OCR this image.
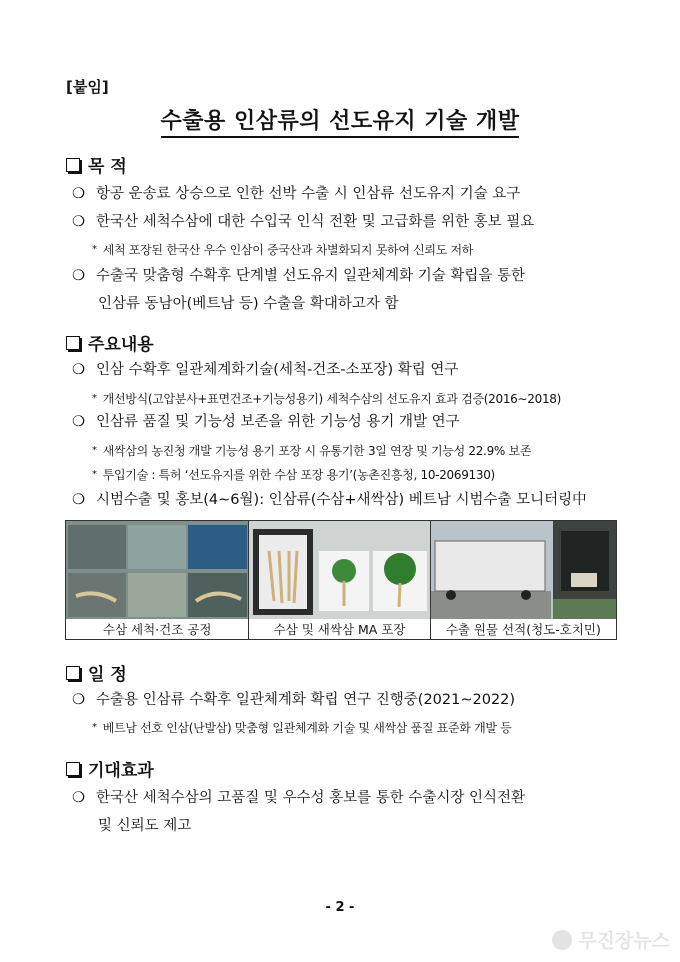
[붙임]
수출용 인삼류의 선도유지 기술 개발
목 적
❍ 항공 운송료 상승으로 인한 선박 수출 시 인삼류 선도유지 기술 요구
❍ 한국산 세척수삼에 대한 수입국 인식 전환 및 고급화를 위한 홍보 필요
* 세척 포장된 한국산 우수 인삼이 중국산과 차별화되지 못하여 신뢰도 저하
❍ 수출국 맞춤형 수확후 단계별 선도유지 일관체계화 기술 확립을 통한
인삼류 동남아(베트남 등) 수출을 확대하고자 함
주요내용
❍ 인삼 수확후 일관체계화기술(세척-건조-소포장) 확립 연구
* 개선방식(고압분사+표면건조+기능성용기) 세척수삼의 선도유지 효과 검증(2016∼2018)
❍ 인삼류 품질 및 기능성 보존을 위한 기능성 용기 개발 연구
* 새싹삼의 농진청 개발 기능성 용기 포장 시 유통기한 3일 연장 및 기능성 22.9% 보존
* 투입기술 : 특허 ‘선도유지를 위한 수삼 포장 용기’(농촌진흥청, 10-2069130)
❍ 시범수출 및 홍보(4∼6월): 인삼류(수삼+새싹삼) 베트남 시범수출 모니터링中
수삼 세척·건조 공정	수삼 및 새싹삼 MA 포장	수출 원물 선적(청도-호치민)
일 정
❍ 수출용 인삼류 수확후 일관체계화 확립 연구 진행중(2021∼2022)
* 베트남 선호 인삼(난발삼) 맞춤형 일관체계화 기술 및 새싹삼 품질 표준화 개발 등
기대효과
❍ 한국산 세척수삼의 고품질 및 우수성 홍보를 통한 수출시장 인식전환
및 신뢰도 제고
- 2 -
무진장뉴스
